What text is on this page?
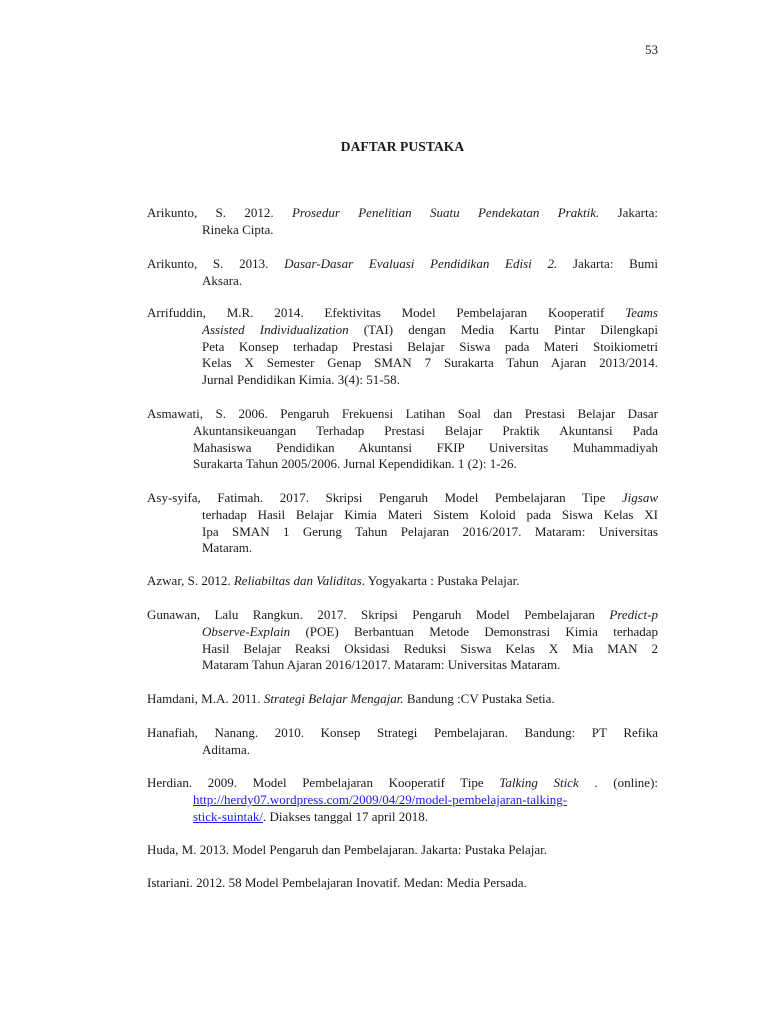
53
DAFTAR PUSTAKA
Arikunto, S. 2012. Prosedur Penelitian Suatu Pendekatan Praktik. Jakarta:
Rineka Cipta.
Arikunto, S. 2013. Dasar-Dasar Evaluasi Pendidikan Edisi 2. Jakarta: Bumi
Aksara.
Arrifuddin, M.R. 2014. Efektivitas Model Pembelajaran Kooperatif Teams
Assisted Individualization (TAI) dengan Media Kartu Pintar Dilengkapi
Peta Konsep terhadap Prestasi Belajar Siswa pada Materi Stoikiometri
Kelas X Semester Genap SMAN 7 Surakarta Tahun Ajaran 2013/2014.
Jurnal Pendidikan Kimia. 3(4): 51-58.
Asmawati, S. 2006. Pengaruh Frekuensi Latihan Soal dan Prestasi Belajar Dasar
Akuntansikeuangan Terhadap Prestasi Belajar Praktik Akuntansi Pada
Mahasiswa Pendidikan Akuntansi FKIP Universitas Muhammadiyah
Surakarta Tahun 2005/2006. Jurnal Kependidikan. 1 (2): 1-26.
Asy-syifa, Fatimah. 2017. Skripsi Pengaruh Model Pembelajaran Tipe Jigsaw
terhadap Hasil Belajar Kimia Materi Sistem Koloid pada Siswa Kelas XI
Ipa SMAN 1 Gerung Tahun Pelajaran 2016/2017. Mataram: Universitas
Mataram.
Azwar, S. 2012. Reliabiltas dan Validitas. Yogyakarta : Pustaka Pelajar.
Gunawan, Lalu Rangkun. 2017. Skripsi Pengaruh Model Pembelajaran Predict-p
Observe-Explain (POE) Berbantuan Metode Demonstrasi Kimia terhadap
Hasil Belajar Reaksi Oksidasi Reduksi Siswa Kelas X Mia MAN 2
Mataram Tahun Ajaran 2016/12017. Mataram: Universitas Mataram.
Hamdani, M.A. 2011. Strategi Belajar Mengajar. Bandung :CV Pustaka Setia.
Hanafiah, Nanang. 2010. Konsep Strategi Pembelajaran. Bandung: PT Refika
Aditama.
Herdian. 2009. Model Pembelajaran Kooperatif Tipe Talking Stick . (online):
http://herdy07.wordpress.com/2009/04/29/model-pembelajaran-talking-
stick-suintak/. Diakses tanggal 17 april 2018.
Huda, M. 2013. Model Pengaruh dan Pembelajaran. Jakarta: Pustaka Pelajar.
Istariani. 2012. 58 Model Pembelajaran Inovatif. Medan: Media Persada.
